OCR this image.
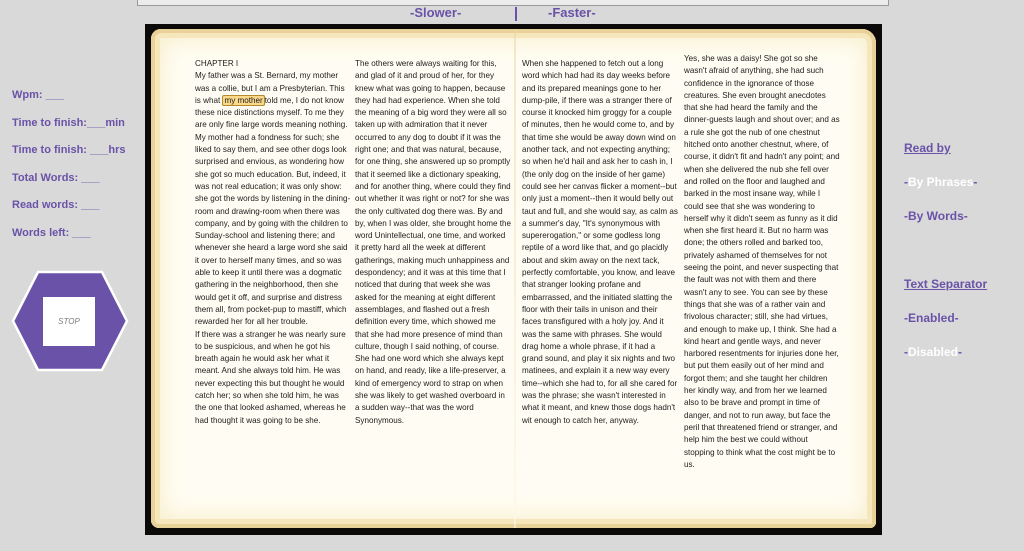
-Slower-	-Faster-
Wpm: ___
Time to finish:___min
Time to finish: ___hrs
Total Words: ___
Read words: ___
Words left: ___
STOP
CHAPTER I
My father was a St. Bernard, my mother was a collie, but I am a Presbyterian. This is what my mother told me, I do not know these nice distinctions myself. To me they are only fine large words meaning nothing. My mother had a fondness for such; she liked to say them, and see other dogs look surprised and envious, as wondering how she got so much education. But, indeed, it was not real education; it was only show: she got the words by listening in the dining-room and drawing-room when there was company, and by going with the children to Sunday-school and listening there; and whenever she heard a large word she said it over to herself many times, and so was able to keep it until there was a dogmatic gathering in the neighborhood, then she would get it off, and surprise and distress them all, from pocket-pup to mastiff, which rewarded her for all her trouble.
If there was a stranger he was nearly sure to be suspicious, and when he got his breath again he would ask her what it meant. And she always told him. He was never expecting this but thought he would catch her; so when she told him, he was the one that looked ashamed, whereas he had thought it was going to be she.
The others were always waiting for this, and glad of it and proud of her, for they knew what was going to happen, because they had had experience. When she told the meaning of a big word they were all so taken up with admiration that it never occurred to any dog to doubt if it was the right one; and that was natural, because, for one thing, she answered up so promptly that it seemed like a dictionary speaking, and for another thing, where could they find out whether it was right or not? for she was the only cultivated dog there was. By and by, when I was older, she brought home the word Unintellectual, one time, and worked it pretty hard all the week at different gatherings, making much unhappiness and despondency; and it was at this time that I noticed that during that week she was asked for the meaning at eight different assemblages, and flashed out a fresh definition every time, which showed me that she had more presence of mind than culture, though I said nothing, of course. She had one word which she always kept on hand, and ready, like a life-preserver, a kind of emergency word to strap on when she was likely to get washed overboard in a sudden way--that was the word Synonymous.
When she happened to fetch out a long word which had had its day weeks before and its prepared meanings gone to her dump-pile, if there was a stranger there of course it knocked him groggy for a couple of minutes, then he would come to, and by that time she would be away down wind on another tack, and not expecting anything; so when he'd hail and ask her to cash in, I (the only dog on the inside of her game) could see her canvas flicker a moment--but only just a moment--then it would belly out taut and full, and she would say, as calm as a summer's day, "It's synonymous with supererogation," or some godless long reptile of a word like that, and go placidly about and skim away on the next tack, perfectly comfortable, you know, and leave that stranger looking profane and embarrassed, and the initiated slatting the floor with their tails in unison and their faces transfigured with a holy joy. And it was the same with phrases. She would drag home a whole phrase, if it had a grand sound, and play it six nights and two matinees, and explain it a new way every time--which she had to, for all she cared for was the phrase; she wasn't interested in what it meant, and knew those dogs hadn't wit enough to catch her, anyway.
Yes, she was a daisy! She got so she wasn't afraid of anything, she had such confidence in the ignorance of those creatures. She even brought anecdotes that she had heard the family and the dinner-guests laugh and shout over; and as a rule she got the nub of one chestnut hitched onto another chestnut, where, of course, it didn't fit and hadn't any point; and when she delivered the nub she fell over and rolled on the floor and laughed and barked in the most insane way, while I could see that she was wondering to herself why it didn't seem as funny as it did when she first heard it. But no harm was done; the others rolled and barked too, privately ashamed of themselves for not seeing the point, and never suspecting that the fault was not with them and there wasn't any to see. You can see by these things that she was of a rather vain and frivolous character; still, she had virtues, and enough to make up, I think. She had a kind heart and gentle ways, and never harbored resentments for injuries done her, but put them easily out of her mind and forgot them; and she taught her children her kindly way, and from her we learned also to be brave and prompt in time of danger, and not to run away, but face the peril that threatened friend or stranger, and help him the best we could without stopping to think what the cost might be to us.
Read by
-By Phrases-
-By Words-
Text Separator
-Enabled-
-Disabled-
